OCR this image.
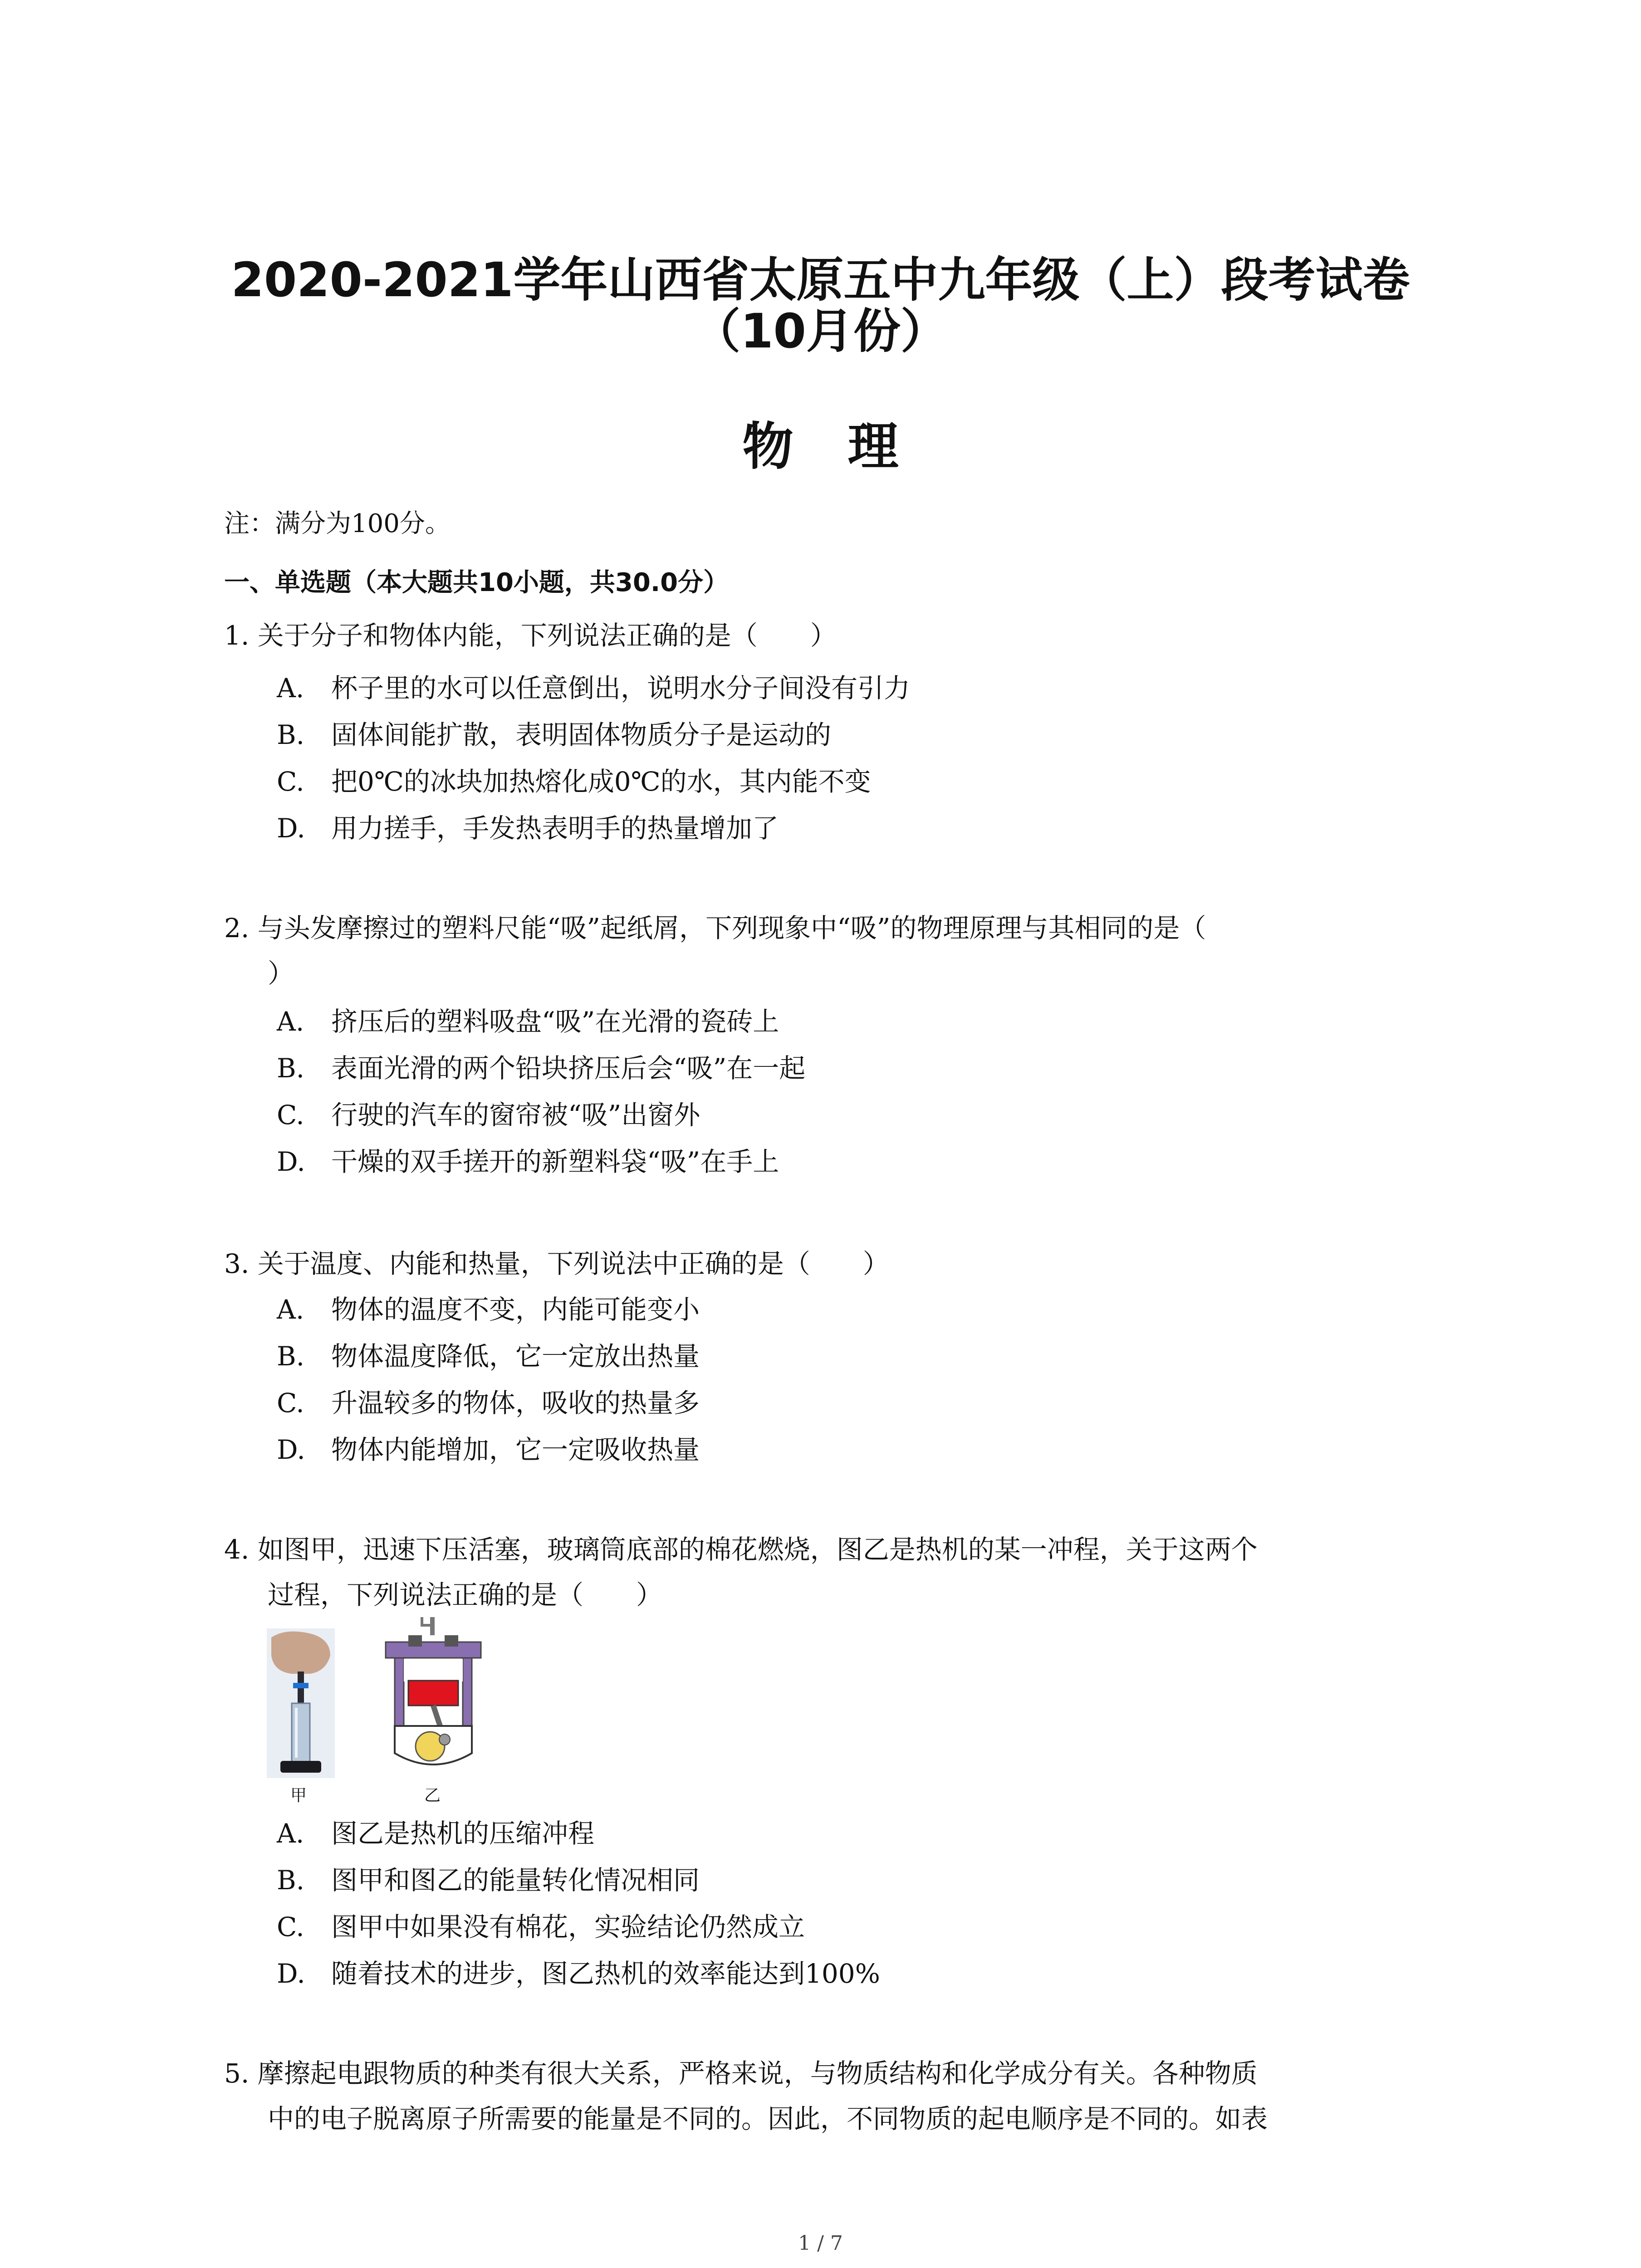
2020-2021学年山西省太原五中九年级（上）段考试卷
（10月份）
物理
注：满分为100分。
一、单选题（本大题共10小题，共30.0分）
1. 关于分子和物体内能，下列说法正确的是（　　）
A. 杯子里的水可以任意倒出，说明水分子间没有引力
B. 固体间能扩散，表明固体物质分子是运动的
C. 把0℃的冰块加热熔化成0℃的水，其内能不变
D. 用力搓手，手发热表明手的热量增加了
2. 与头发摩擦过的塑料尺能“吸”起纸屑，下列现象中“吸”的物理原理与其相同的是（
）
A. 挤压后的塑料吸盘“吸”在光滑的瓷砖上
B. 表面光滑的两个铅块挤压后会“吸”在一起
C. 行驶的汽车的窗帘被“吸”出窗外
D. 干燥的双手搓开的新塑料袋“吸”在手上
3. 关于温度、内能和热量，下列说法中正确的是（　　）
A. 物体的温度不变，内能可能变小
B. 物体温度降低，它一定放出热量
C. 升温较多的物体，吸收的热量多
D. 物体内能增加，它一定吸收热量
4. 如图甲，迅速下压活塞，玻璃筒底部的棉花燃烧，图乙是热机的某一冲程，关于这两个
过程，下列说法正确的是（　　）
甲	乙
A. 图乙是热机的压缩冲程
B. 图甲和图乙的能量转化情况相同
C. 图甲中如果没有棉花，实验结论仍然成立
D. 随着技术的进步，图乙热机的效率能达到100%
5. 摩擦起电跟物质的种类有很大关系，严格来说，与物质结构和化学成分有关。各种物质
中的电子脱离原子所需要的能量是不同的。因此，不同物质的起电顺序是不同的。如表
1 / 7
